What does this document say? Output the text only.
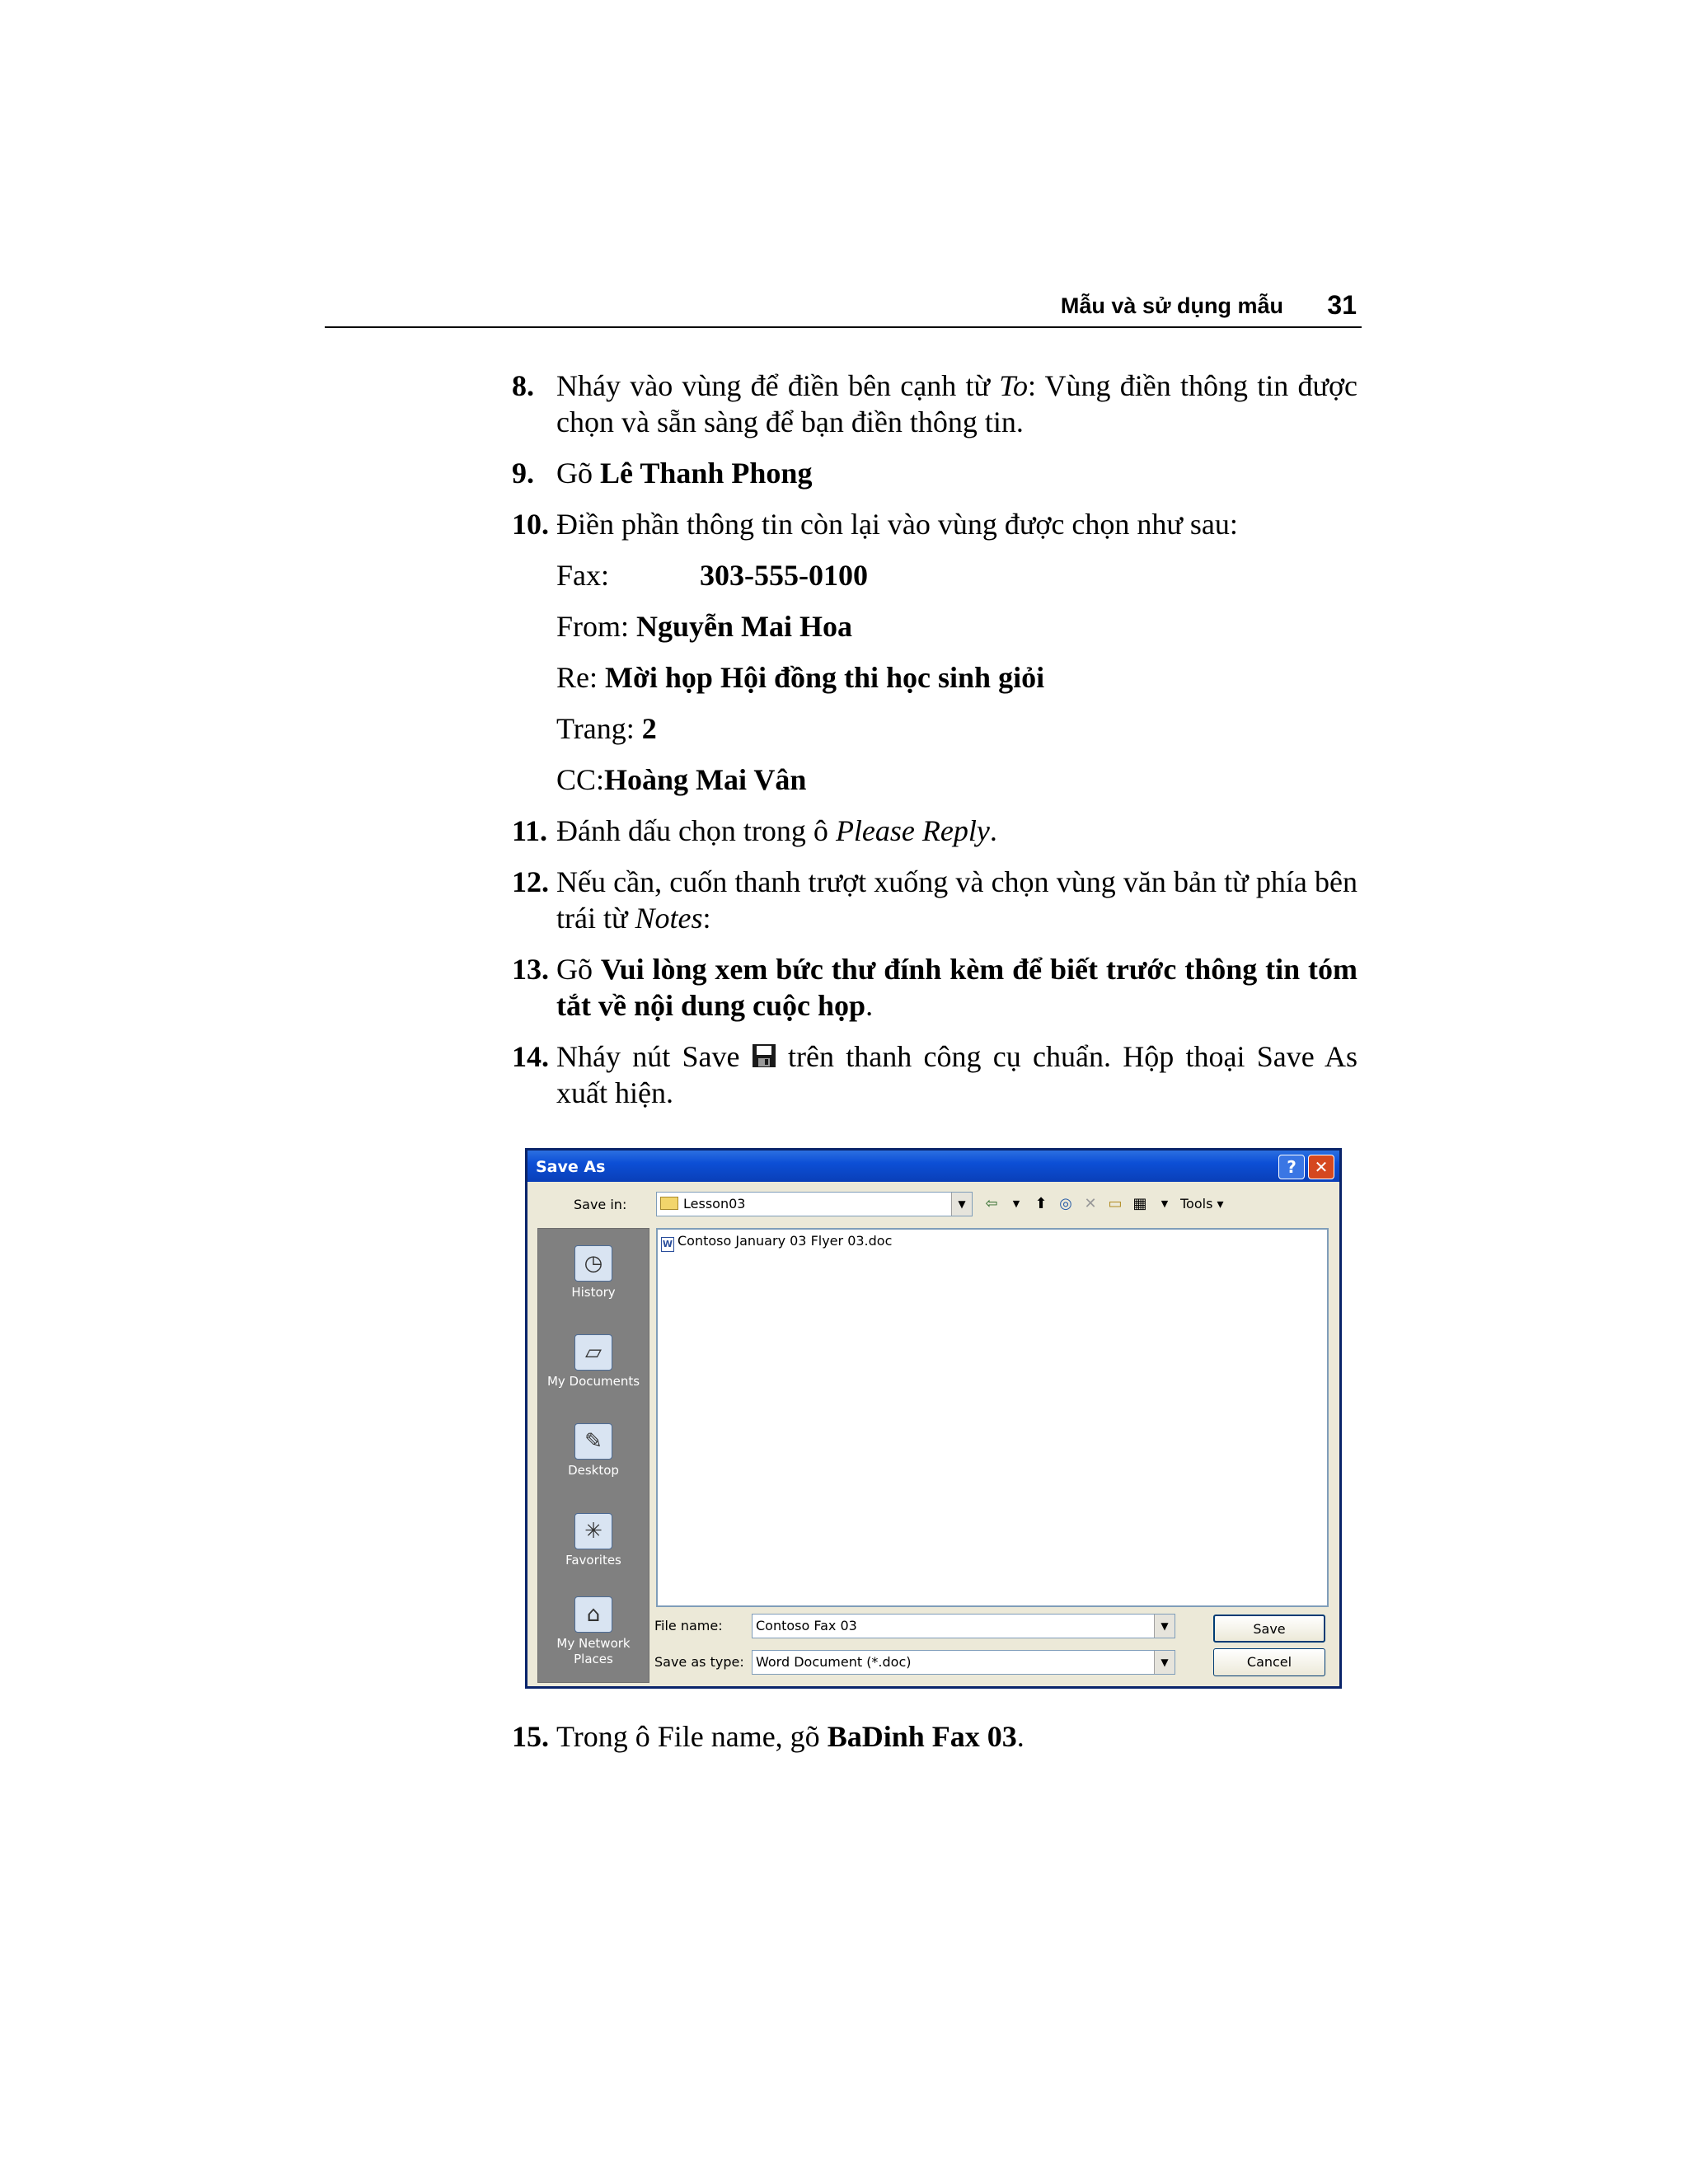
Mẫu và sử dụng mẫu 31
8. Nháy vào vùng để điền bên cạnh từ To: Vùng điền thông tin được chọn và sẵn sàng để bạn điền thông tin.
9. Gõ Lê Thanh Phong
10. Điền phần thông tin còn lại vào vùng được chọn như sau:
Fax:	303-555-0100
From: Nguyễn Mai Hoa
Re: Mời họp Hội đồng thi học sinh giỏi
Trang: 2
CC:Hoàng Mai Vân
11. Đánh dấu chọn trong ô Please Reply.
12. Nếu cần, cuốn thanh trượt xuống và chọn vùng văn bản từ phía bên trái từ Notes:
13. Gõ Vui lòng xem bức thư đính kèm để biết trước thông tin tóm tắt về nội dung cuộc họp.
14. Nháy nút Save  trên thanh công cụ chuẩn. Hộp thoại Save As xuất hiện.
Save As	?	✕
Save in:	Lesson03	▼	⇦	▼	⬆ ◎ ✕ ▭ ▦	▼ Tools ▾
◷
History
▱
My Documents
✎
Desktop
✳
Favorites
⌂
My Network Places
W Contoso January 03 Flyer 03.doc
File name:	Contoso Fax 03	▼
Save as type: Word Document (*.doc)	▼
Save
Cancel
15. Trong ô File name, gõ BaDinh Fax 03.
